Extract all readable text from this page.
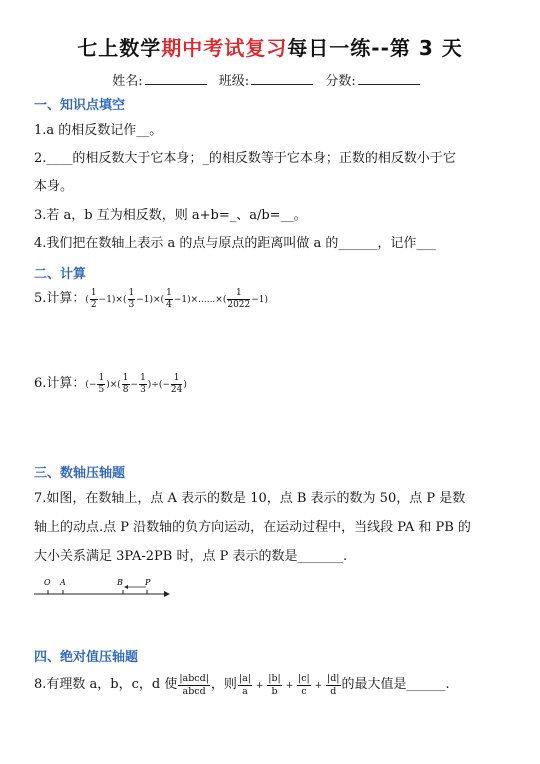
七上数学期中考试复习每日一练--第 3 天
姓名:	班级:	分数:
一、知识点填空
1.a 的相反数记作__。
2.____的相反数大于它本身；_的相反数等于它本身；正数的相反数小于它
本身。
3.若 a，b 互为相反数，则 a+b=_、a/b=__。
4.我们把在数轴上表示 a 的点与原点的距离叫做 a 的______，记作___
二、计算
5.计算：( $\frac{1}{2} -1)\times( \frac{1}{3} -1)\times( \frac{1}{4} -1)\times......\times( \frac{1}{2022} -1)$
6.计算：(− $\frac{1}{5}$ )×( $\frac{1}{8} - \frac{1}{3}$ )÷(− $\frac{1}{24}$ )
三、数轴压轴题
7.如图，在数轴上，点 A 表示的数是 10，点 B 表示的数为 50，点 P 是数
轴上的动点.点 P 沿数轴的负方向运动，在运动过程中，当线段 PA 和 PB 的
大小关系满足 3PA-2PB 时，点 P 表示的数是_______.
O A	B	P
四、绝对值压轴题
8.有理数 a，b，c，d 使 $\frac{\text{|abcd|}}{\text{abcd}}$ ，则 $\frac{|a|}{a} + \frac{|b|}{b} + \frac{|c|}{c} + \frac{|d|}{d}$ 的最大值是______.
